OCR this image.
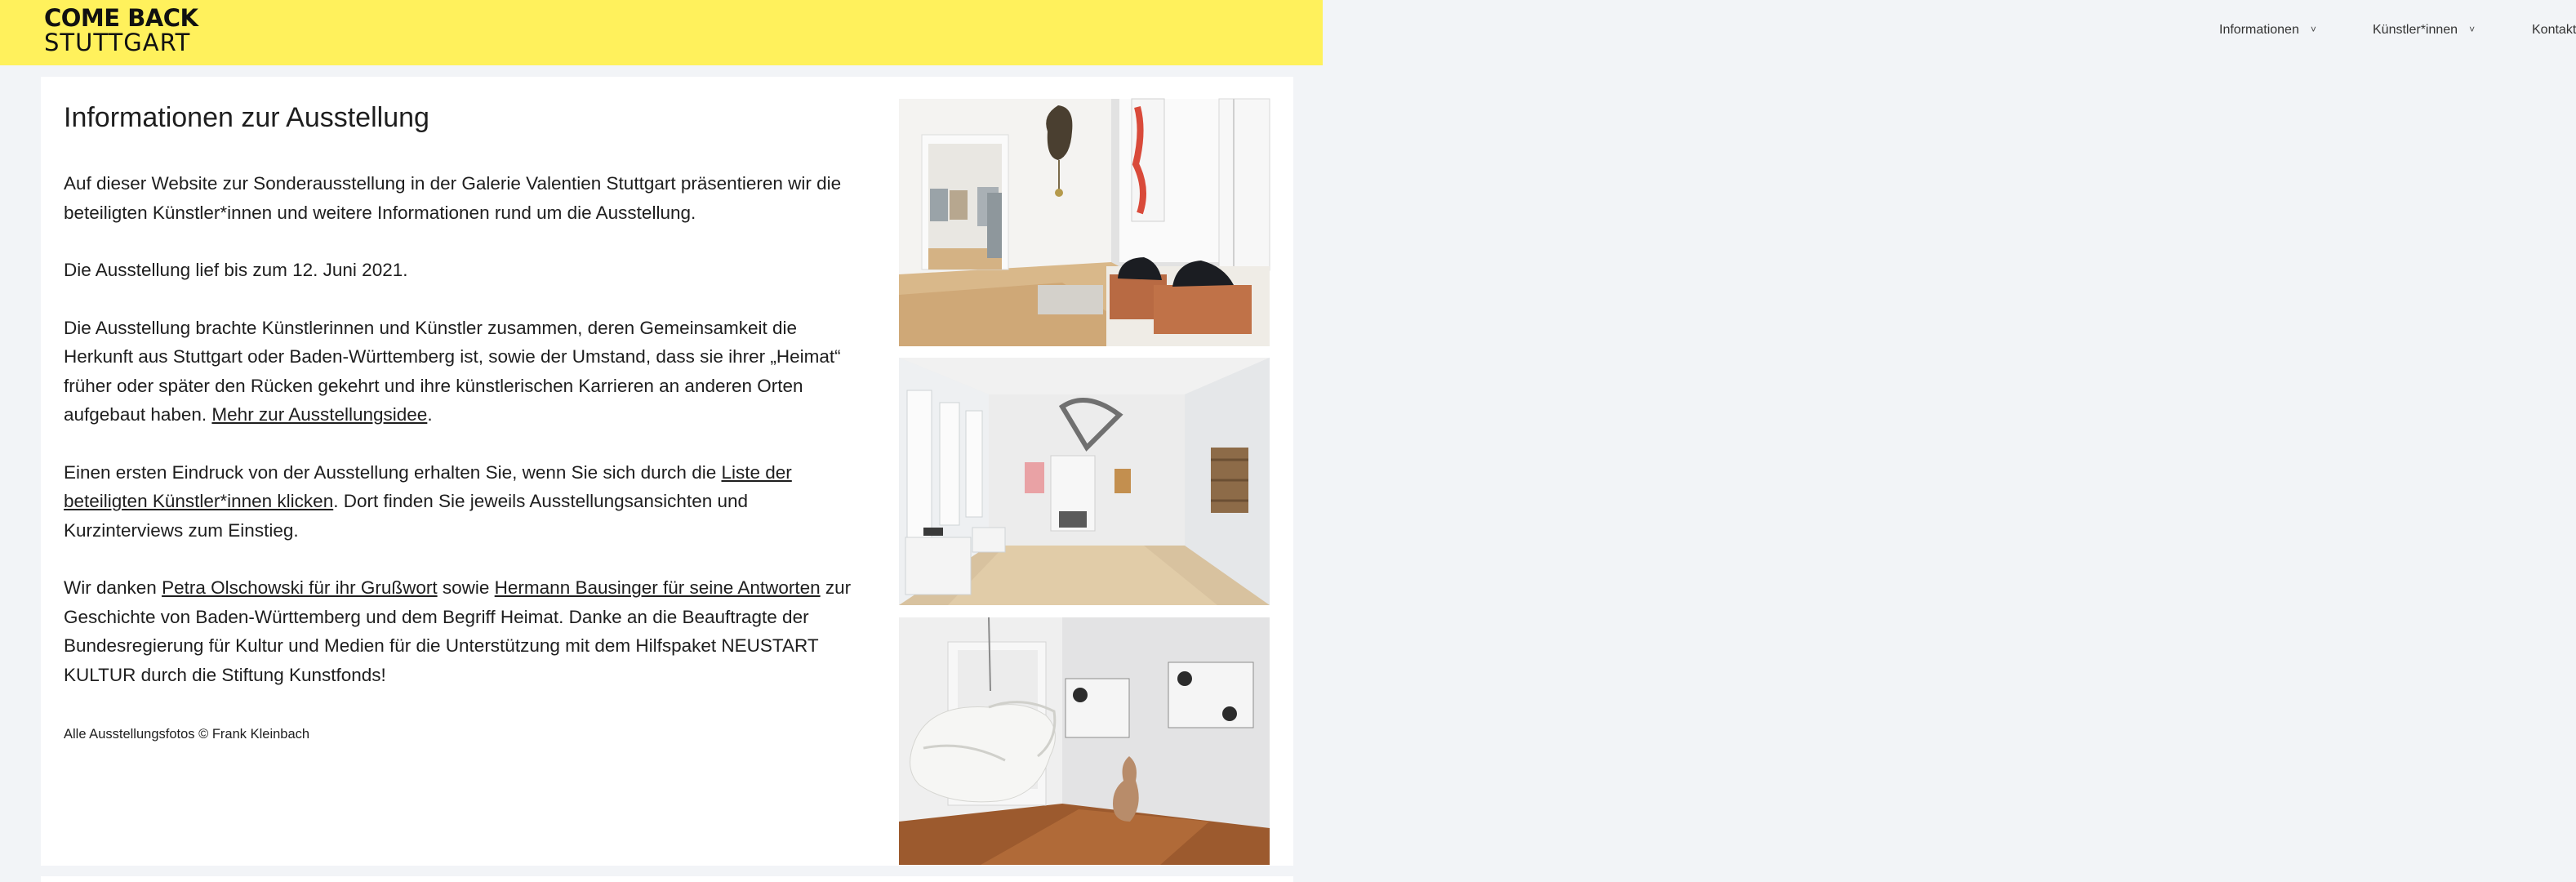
COME BACK
STUTTGART	Informationen ˅	Künstler*innen ˅	Kontakt
Informationen zur Ausstellung

Auf dieser Website zur Sonderausstellung in der Galerie Valentien Stuttgart präsentieren wir die beteiligten Künstler*innen und weitere Informationen rund um die Ausstellung.

Die Ausstellung lief bis zum 12. Juni 2021.

Die Ausstellung brachte Künstlerinnen und Künstler zusammen, deren Gemeinsamkeit die Herkunft aus Stuttgart oder Baden-Württemberg ist, sowie der Umstand, dass sie ihrer „Heimat“ früher oder später den Rücken gekehrt und ihre künstlerischen Karrieren an anderen Orten aufgebaut haben. Mehr zur Ausstellungsidee.

Einen ersten Eindruck von der Ausstellung erhalten Sie, wenn Sie sich durch die Liste der beteiligten Künstler*innen klicken. Dort finden Sie jeweils Ausstellungsansichten und Kurzinterviews zum Einstieg.

Wir danken Petra Olschowski für ihr Grußwort sowie Hermann Bausinger für seine Antworten zur Geschichte von Baden-Württemberg und dem Begriff Heimat. Danke an die Beauftragte der Bundesregierung für Kultur und Medien für die Unterstützung mit dem Hilfspaket NEUSTART KULTUR durch die Stiftung Kunstfonds!

Alle Ausstellungsfotos © Frank Kleinbach
